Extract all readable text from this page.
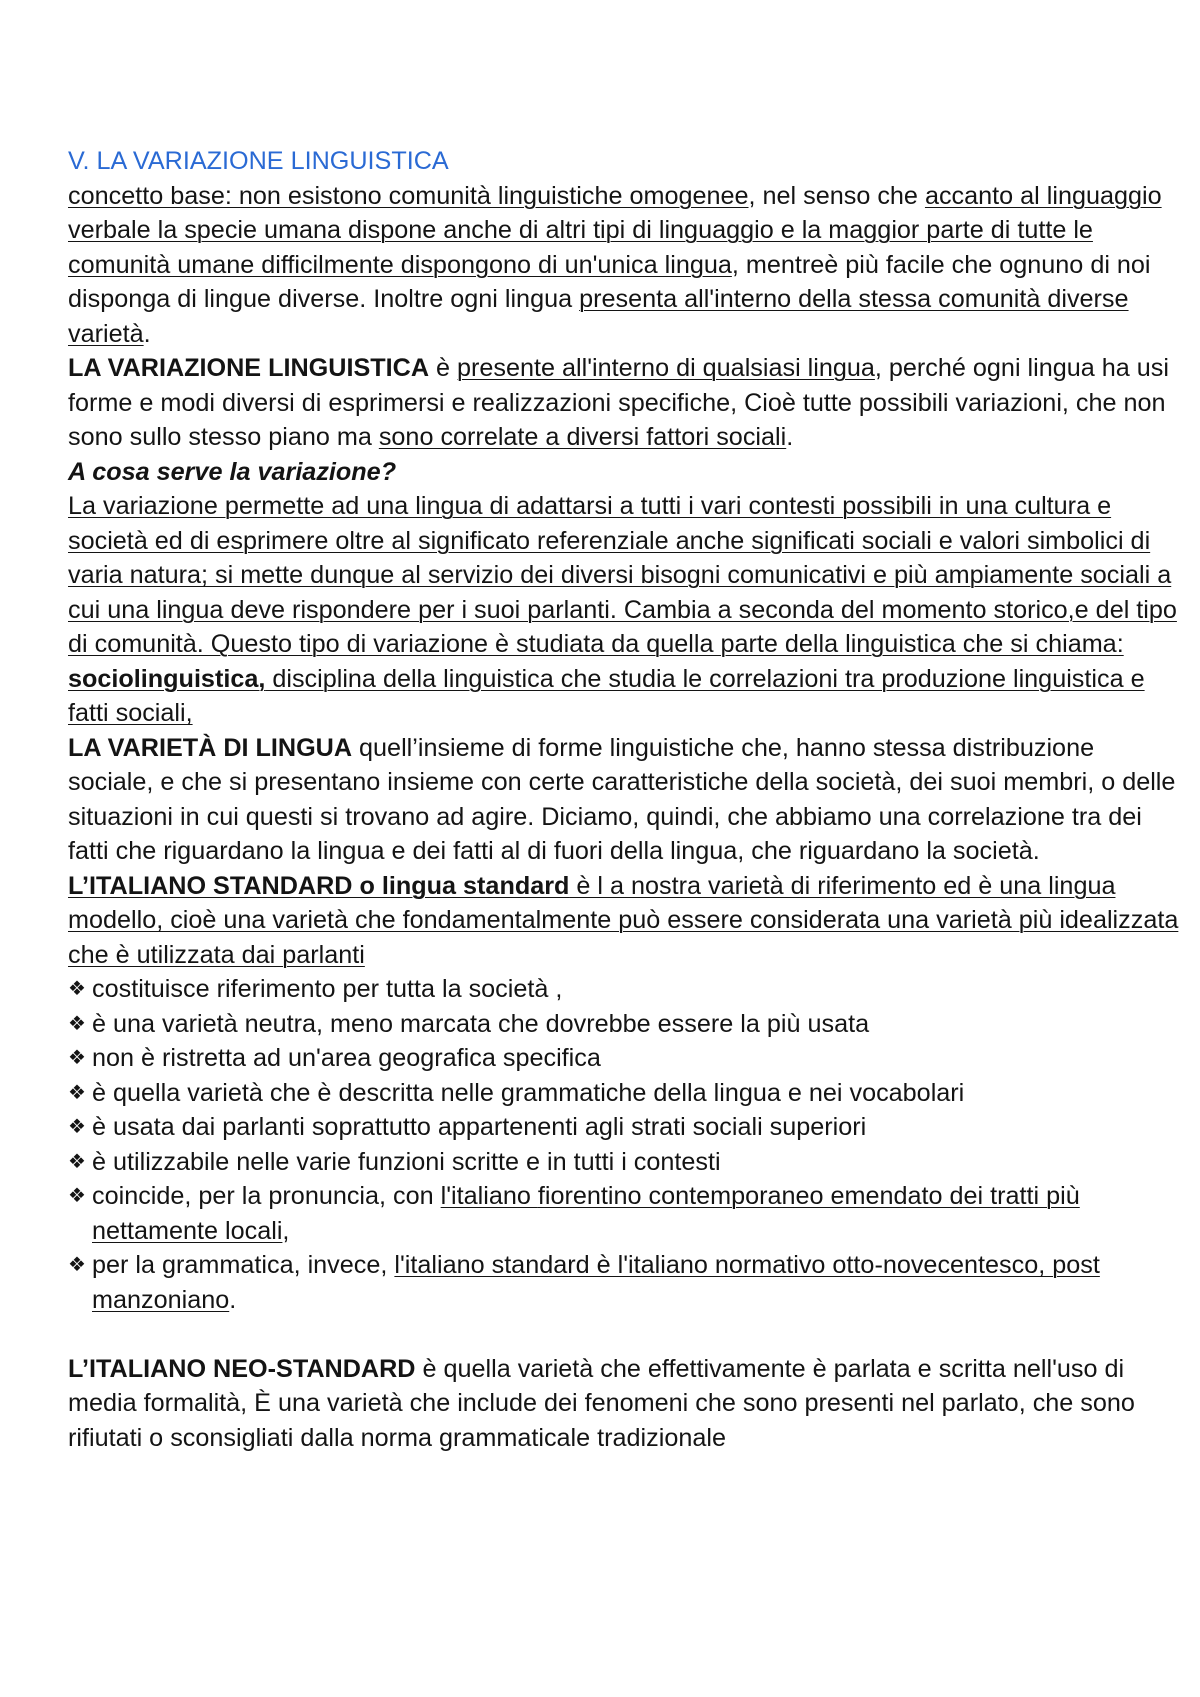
V. LA VARIAZIONE LINGUISTICA

concetto base: non esistono comunità linguistiche omogenee, nel senso che accanto al linguaggio verbale la specie umana dispone anche di altri tipi di linguaggio e la maggior parte di tutte le comunità umane difficilmente dispongono di un'unica lingua, mentreè più facile che ognuno di noi disponga di lingue diverse. Inoltre ogni lingua presenta all'interno della stessa comunità diverse varietà.

LA VARIAZIONE LINGUISTICA è presente all'interno di qualsiasi lingua, perché ogni lingua ha usi forme e modi diversi di esprimersi e realizzazioni specifiche, Cioè tutte possibili variazioni, che non sono sullo stesso piano ma sono correlate a diversi fattori sociali.

A cosa serve la variazione?

La variazione permette ad una lingua di adattarsi a tutti i vari contesti possibili in una cultura e società ed di esprimere oltre al significato referenziale anche significati sociali e valori simbolici di varia natura; si mette dunque al servizio dei diversi bisogni comunicativi e più ampiamente sociali a cui una lingua deve rispondere per i suoi parlanti. Cambia a seconda del momento storico,e del tipo di comunità. Questo tipo di variazione è studiata da quella parte della linguistica che si chiama: sociolinguistica, disciplina della linguistica che studia le correlazioni tra produzione linguistica e fatti sociali,

LA VARIETÀ DI LINGUA quell’insieme di forme linguistiche che, hanno stessa distribuzione sociale, e che si presentano insieme con certe caratteristiche della società, dei suoi membri, o delle situazioni in cui questi si trovano ad agire. Diciamo, quindi, che abbiamo una correlazione tra dei fatti che riguardano la lingua e dei fatti al di fuori della lingua, che riguardano la società.

L’ITALIANO STANDARD o lingua standard è l a nostra varietà di riferimento ed è una lingua modello, cioè una varietà che fondamentalmente può essere considerata una varietà più idealizzata che è utilizzata dai parlanti

❖ costituisce riferimento per tutta la società ,
❖ è una varietà neutra, meno marcata che dovrebbe essere la più usata
❖ non è ristretta ad un'area geografica specifica
❖ è quella varietà che è descritta nelle grammatiche della lingua e nei vocabolari
❖ è usata dai parlanti soprattutto appartenenti agli strati sociali superiori
❖ è utilizzabile nelle varie funzioni scritte e in tutti i contesti
❖ coincide, per la pronuncia, con l'italiano fiorentino contemporaneo emendato dei tratti più nettamente locali,
❖ per la grammatica, invece, l'italiano standard è l'italiano normativo otto-novecentesco, post manzoniano.

L’ITALIANO NEO-STANDARD è quella varietà che effettivamente è parlata e scritta nell'uso di media formalità, È una varietà che include dei fenomeni che sono presenti nel parlato, che sono rifiutati o sconsigliati dalla norma grammaticale tradizionale
